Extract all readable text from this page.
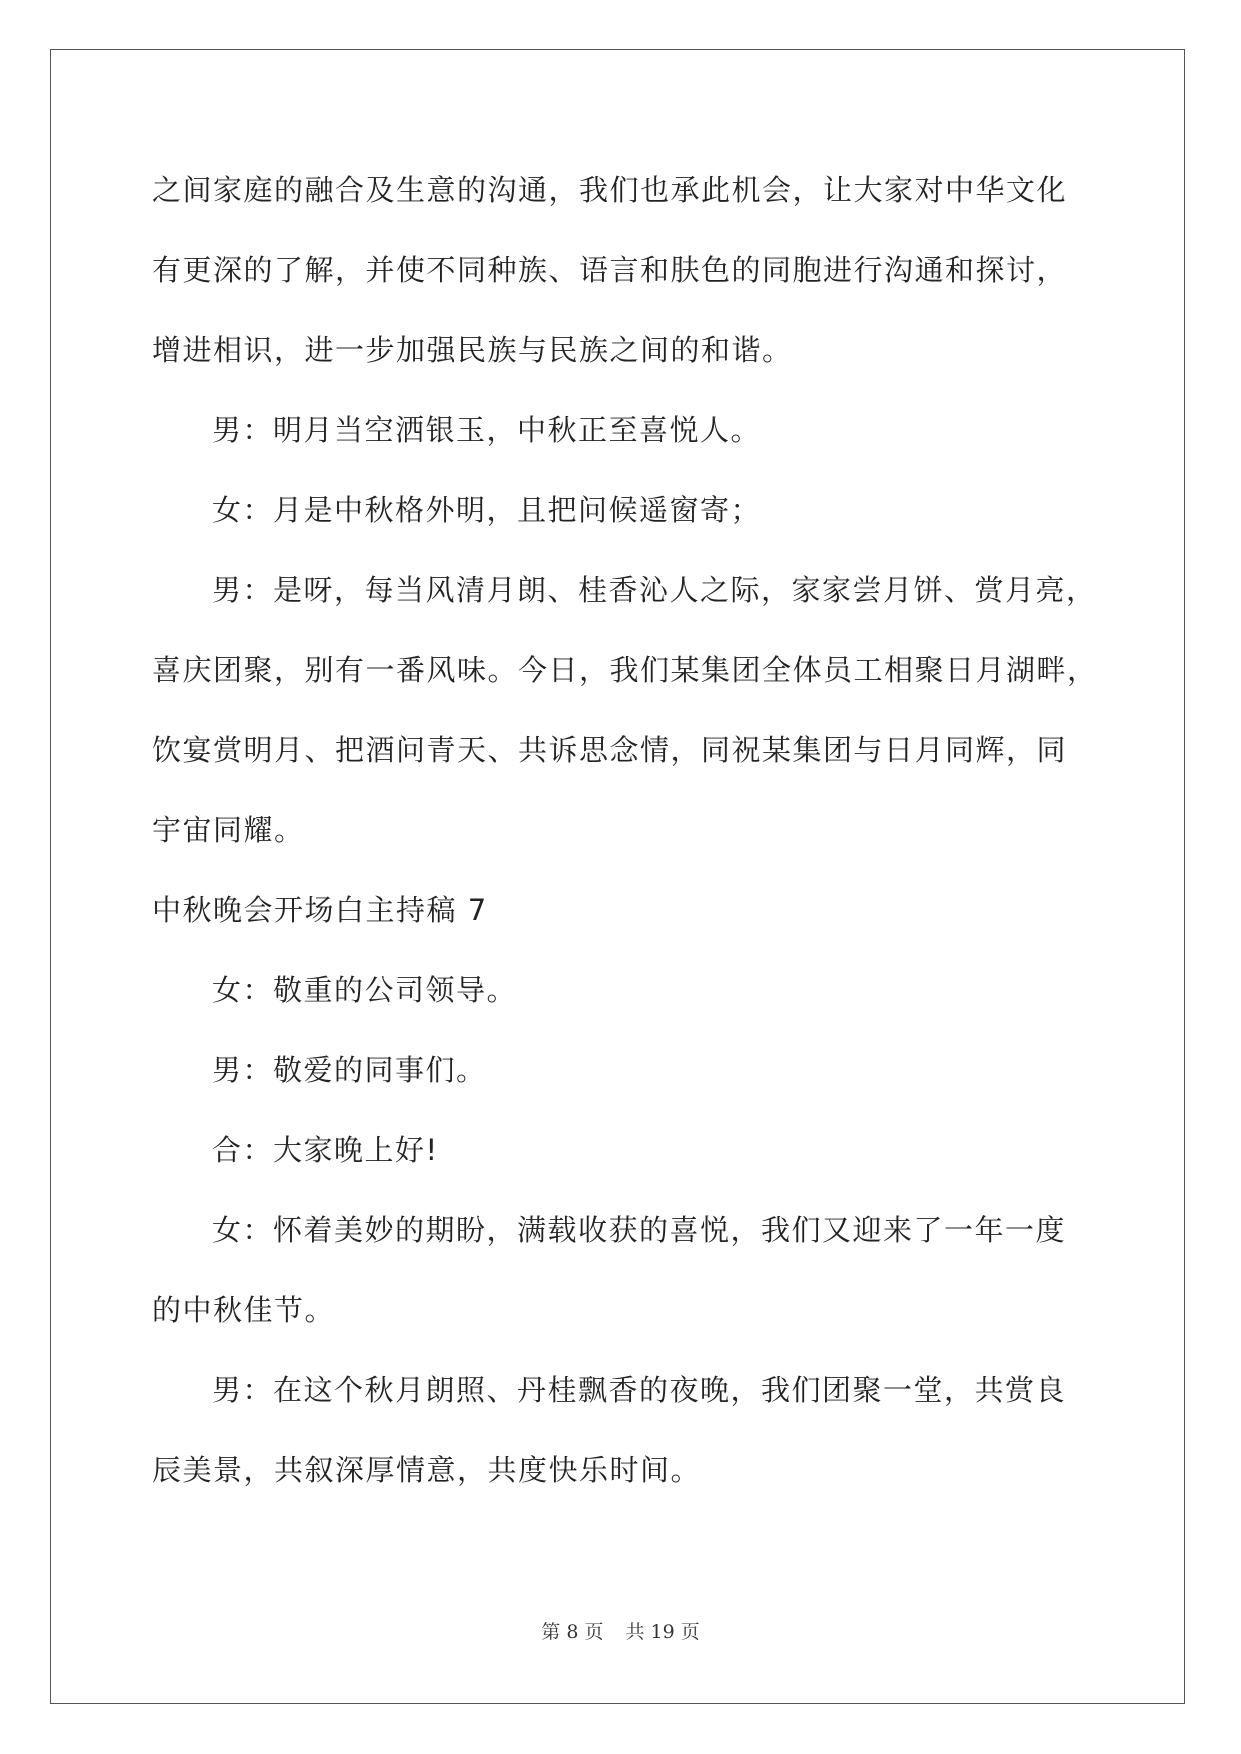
之间家庭的融合及生意的沟通，我们也承此机会，让大家对中华文化
有更深的了解，并使不同种族、语言和肤色的同胞进行沟通和探讨，
增进相识，进一步加强民族与民族之间的和谐。
男：明月当空洒银玉，中秋正至喜悦人。
女：月是中秋格外明，且把问候遥窗寄；
男：是呀，每当风清月朗、桂香沁人之际，家家尝月饼、赏月亮，
喜庆团聚，别有一番风味。今日，我们某集团全体员工相聚日月湖畔，
饮宴赏明月、把酒问青天、共诉思念情，同祝某集团与日月同辉，同
宇宙同耀。
中秋晚会开场白主持稿 7
女：敬重的公司领导。
男：敬爱的同事们。
合：大家晚上好!
女：怀着美妙的期盼，满载收获的喜悦，我们又迎来了一年一度
的中秋佳节。
男：在这个秋月朗照、丹桂飘香的夜晚，我们团聚一堂，共赏良
辰美景，共叙深厚情意，共度快乐时间。
第 8 页 共 19 页
